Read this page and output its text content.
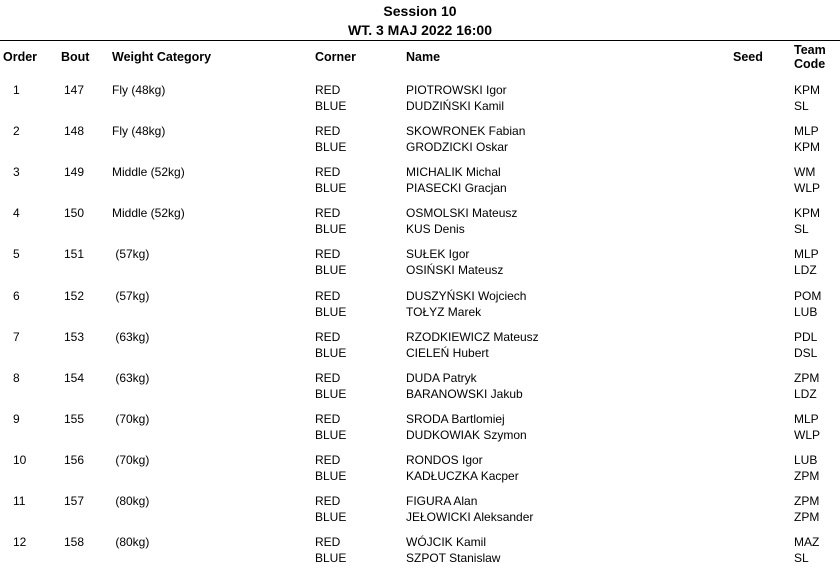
Session 10
WT. 3 MAJ 2022 16:00
Order Bout Weight Category	Corner	Name	Seed Team
Code
1	147 Fly (48kg)	RED	PIOTROWSKI Igor	KPM
BLUE	DUDZIŃSKI Kamil	SL
2	148 Fly (48kg)	RED	SKOWRONEK Fabian	MLP
BLUE	GRODZICKI Oskar	KPM
3	149 Middle (52kg)	RED	MICHALIK Michal	WM
BLUE	PIASECKI Gracjan	WLP
4	150 Middle (52kg)	RED	OSMOLSKI Mateusz	KPM
BLUE	KUS Denis	SL
5	151 (57kg)	RED	SUŁEK Igor	MLP
BLUE	OSIŃSKI Mateusz	LDZ
6	152 (57kg)	RED	DUSZYŃSKI Wojciech	POM
BLUE	TOŁYZ Marek	LUB
7	153 (63kg)	RED	RZODKIEWICZ Mateusz	PDL
BLUE	CIELEŃ Hubert	DSL
8	154 (63kg)	RED	DUDA Patryk	ZPM
BLUE	BARANOWSKI Jakub	LDZ
9	155 (70kg)	RED	SRODA Bartlomiej	MLP
BLUE	DUDKOWIAK Szymon	WLP
10	156 (70kg)	RED	RONDOS Igor	LUB
BLUE	KADŁUCZKA Kacper	ZPM
11	157 (80kg)	RED	FIGURA Alan	ZPM
BLUE	JEŁOWICKI Aleksander	ZPM
12	158 (80kg)	RED	WÓJCIK Kamil	MAZ
BLUE	SZPOT Stanislaw	SL
